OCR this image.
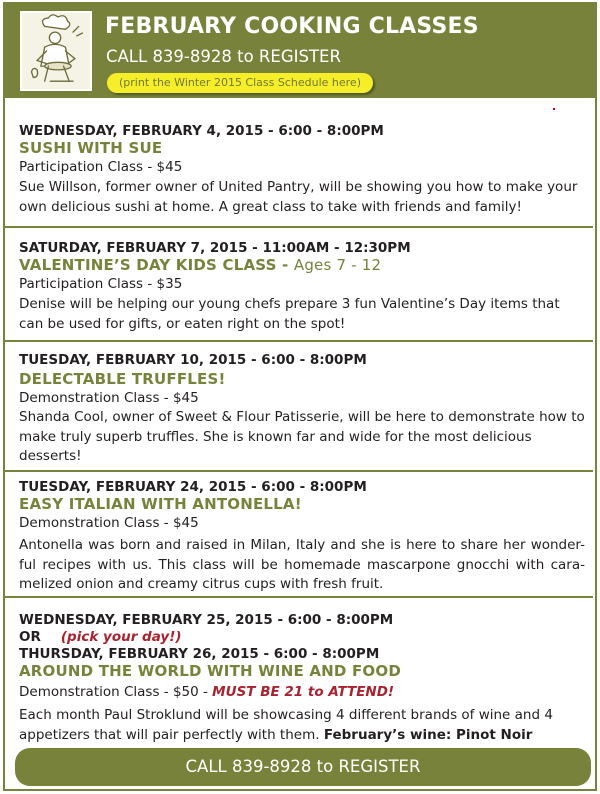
FEBRUARY COOKING CLASSES
CALL 839-8928 to REGISTER
(print the Winter 2015 Class Schedule here)
WEDNESDAY, FEBRUARY 4, 2015 - 6:00 - 8:00PM
SUSHI WITH SUE
Participation Class - $45
Sue Willson, former owner of United Pantry, will be showing you how to make your own delicious sushi at home. A great class to take with friends and family!
SATURDAY, FEBRUARY 7, 2015 - 11:00AM - 12:30PM
VALENTINE’S DAY KIDS CLASS - Ages 7 - 12
Participation Class - $35
Denise will be helping our young chefs prepare 3 fun Valentine’s Day items that can be used for gifts, or eaten right on the spot!
TUESDAY, FEBRUARY 10, 2015 - 6:00 - 8:00PM
DELECTABLE TRUFFLES!
Demonstration Class - $45
Shanda Cool, owner of Sweet & Flour Patisserie, will be here to demonstrate how to make truly superb truffles. She is known far and wide for the most delicious desserts!
TUESDAY, FEBRUARY 24, 2015 - 6:00 - 8:00PM
EASY ITALIAN WITH ANTONELLA!
Demonstration Class - $45
Antonella was born and raised in Milan, Italy and she is here to share her wonder-ful recipes with us. This class will be homemade mascarpone gnocchi with cara-melized onion and creamy citrus cups with fresh fruit.
WEDNESDAY, FEBRUARY 25, 2015 - 6:00 - 8:00PM
OR (pick your day!)
THURSDAY, FEBRUARY 26, 2015 - 6:00 - 8:00PM
AROUND THE WORLD WITH WINE AND FOOD
Demonstration Class - $50 - MUST BE 21 to ATTEND!
Each month Paul Stroklund will be showcasing 4 different brands of wine and 4 appetizers that will pair perfectly with them. February’s wine: Pinot Noir
CALL 839-8928 to REGISTER
